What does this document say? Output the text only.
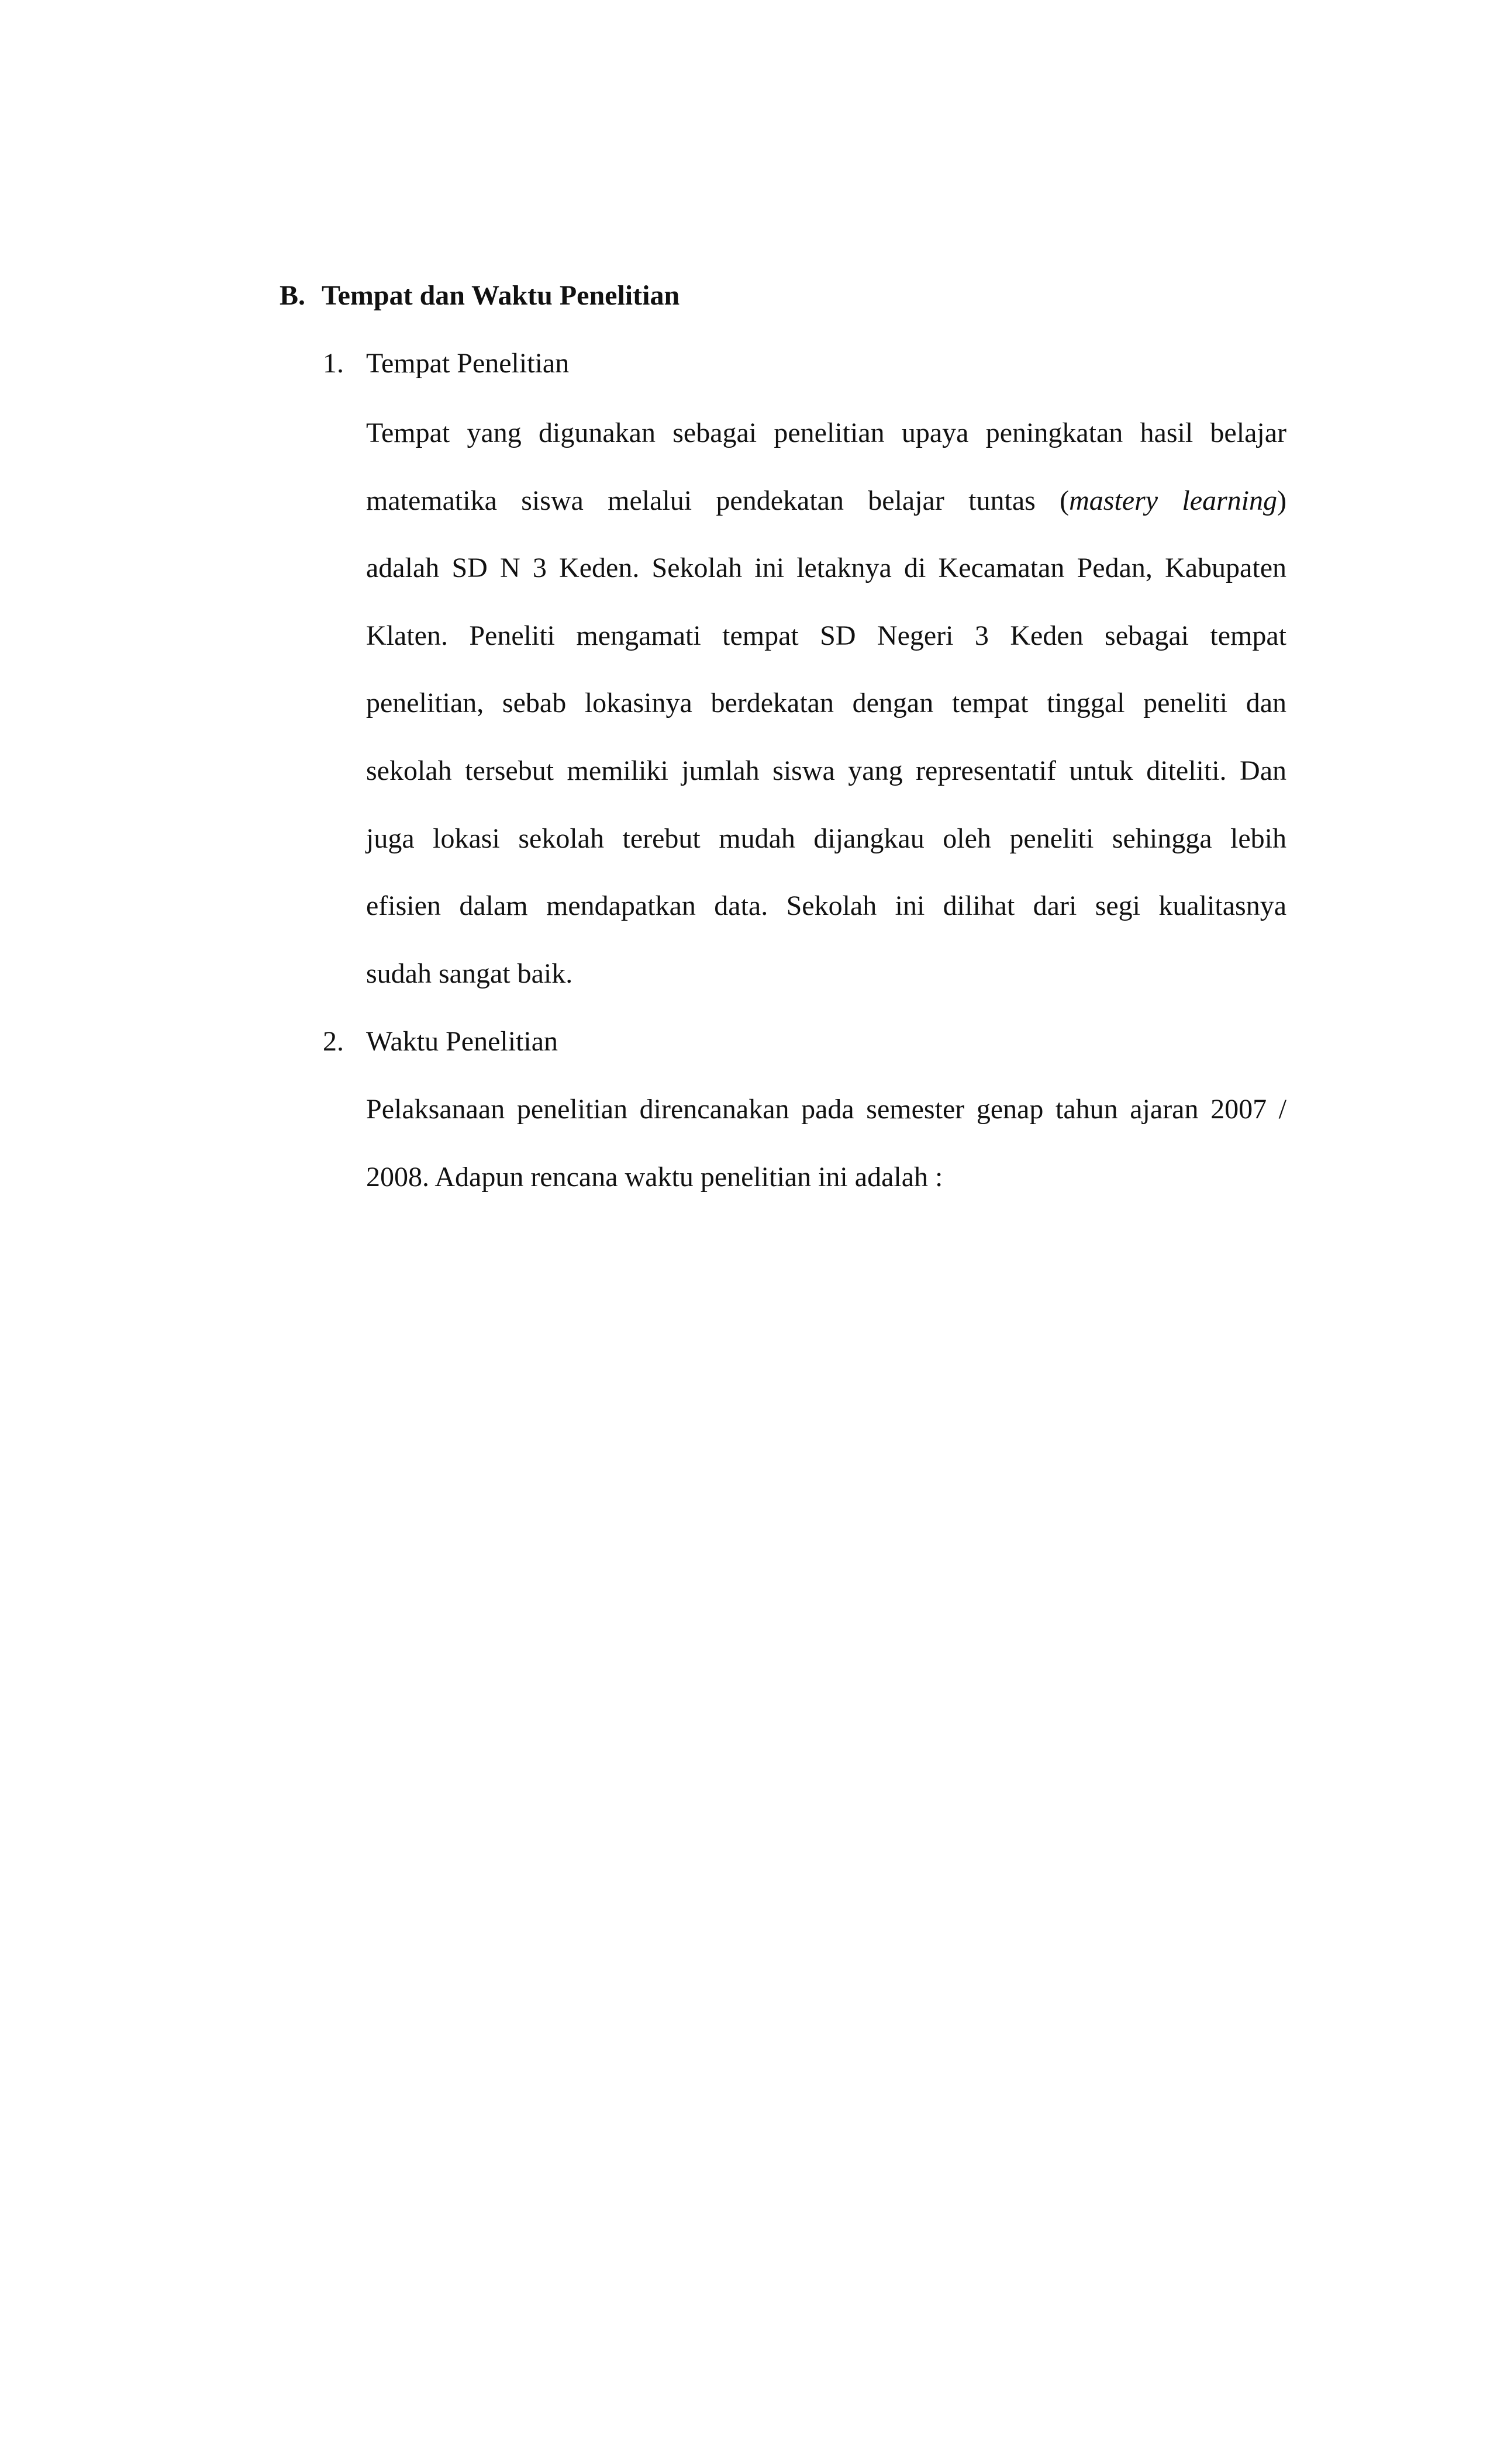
B. Tempat dan Waktu Penelitian
1. Tempat Penelitian
Tempat yang digunakan sebagai penelitian upaya peningkatan hasil belajar
matematika siswa melalui pendekatan belajar tuntas (mastery learning)
adalah SD N 3 Keden. Sekolah ini letaknya di Kecamatan Pedan, Kabupaten
Klaten. Peneliti mengamati tempat SD Negeri 3 Keden sebagai tempat
penelitian, sebab lokasinya berdekatan dengan tempat tinggal peneliti dan
sekolah tersebut memiliki jumlah siswa yang representatif untuk diteliti. Dan
juga lokasi sekolah terebut mudah dijangkau oleh peneliti sehingga lebih
efisien dalam mendapatkan data. Sekolah ini dilihat dari segi kualitasnya
sudah sangat baik.
2. Waktu Penelitian
Pelaksanaan penelitian direncanakan pada semester genap tahun ajaran 2007 /
2008. Adapun rencana waktu penelitian ini adalah :
